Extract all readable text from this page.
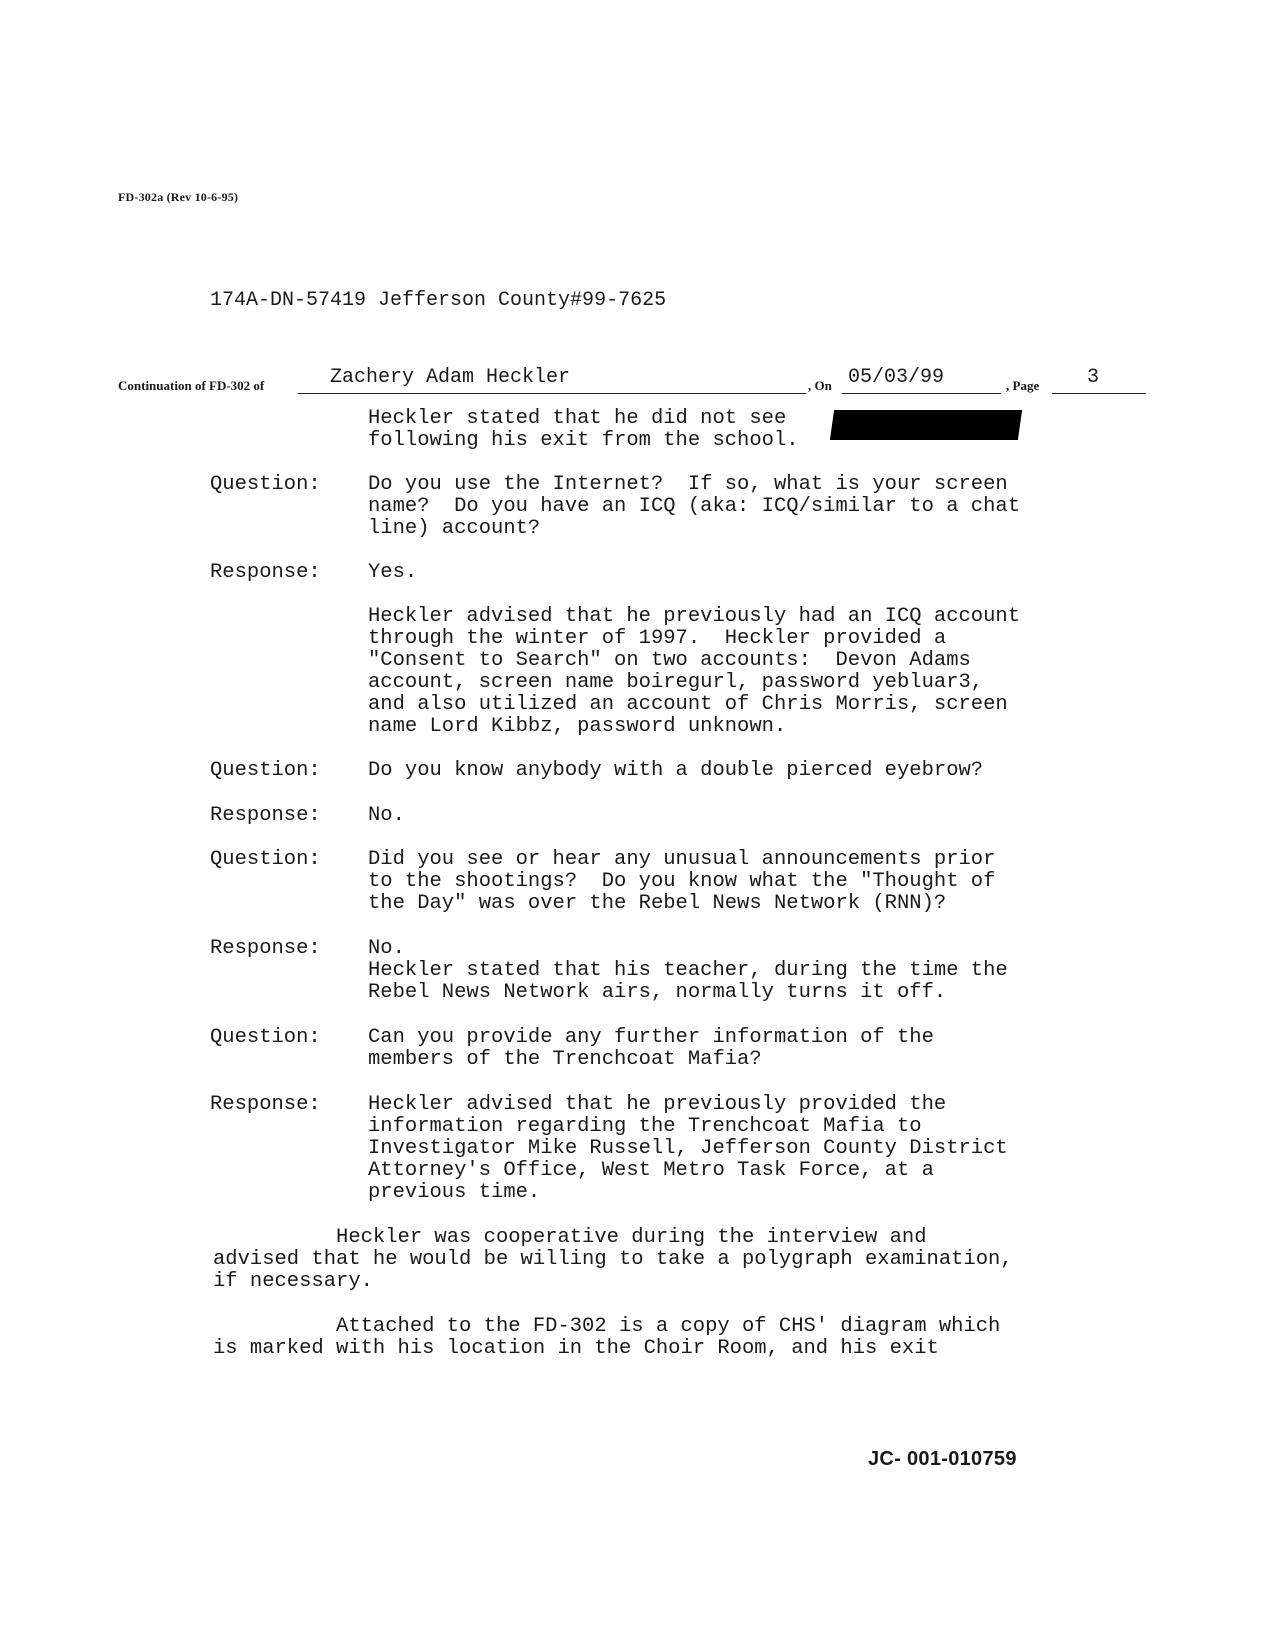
FD-302a (Rev 10-6-95)
174A-DN-57419 Jefferson County#99-7625
Continuation of FD-302 of	Zachery Adam Heckler	, On 05/03/99	, Page 3
Heckler stated that he did not see
following his exit from the school.
Question: Do you use the Internet?  If so, what is your screen
name?  Do you have an ICQ (aka: ICQ/similar to a chat
line) account?
Response: Yes.
Heckler advised that he previously had an ICQ account
through the winter of 1997.  Heckler provided a
"Consent to Search" on two accounts:  Devon Adams
account, screen name boiregurl, password yebluar3,
and also utilized an account of Chris Morris, screen
name Lord Kibbz, password unknown.
Question: Do you know anybody with a double pierced eyebrow?
Response: No.
Question: Did you see or hear any unusual announcements prior
to the shootings?  Do you know what the "Thought of
the Day" was over the Rebel News Network (RNN)?
Response: No.
Heckler stated that his teacher, during the time the
Rebel News Network airs, normally turns it off.
Question: Can you provide any further information of the
members of the Trenchcoat Mafia?
Response: Heckler advised that he previously provided the
information regarding the Trenchcoat Mafia to
Investigator Mike Russell, Jefferson County District
Attorney's Office, West Metro Task Force, at a
previous time.
Heckler was cooperative during the interview and
advised that he would be willing to take a polygraph examination,
if necessary.
Attached to the FD-302 is a copy of CHS' diagram which
is marked with his location in the Choir Room, and his exit
JC- 001-010759
